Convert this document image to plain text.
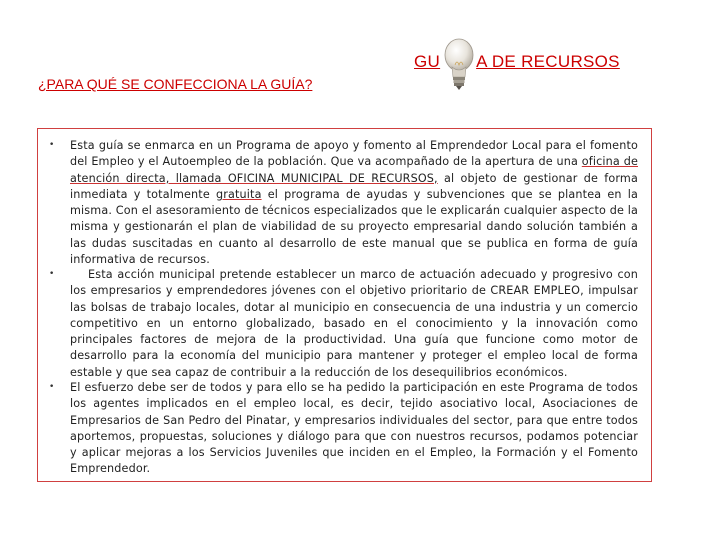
GU A DE RECURSOS
¿PARA QUÉ SE CONFECCIONA LA GUÍA?
• Esta guía se enmarca en un Programa de apoyo y fomento al Emprendedor Local para el fomento del Empleo y el Autoempleo de la población. Que va acompañado de la apertura de una oficina de atención directa, llamada OFICINA MUNICIPAL DE RECURSOS, al objeto de gestionar de forma inmediata y totalmente gratuita el programa de ayudas y subvenciones que se plantea en la misma. Con el asesoramiento de técnicos especializados que le explicarán cualquier aspecto de la misma y gestionarán el plan de viabilidad de su proyecto empresarial dando solución también a las dudas suscitadas en cuanto al desarrollo de este manual que se publica en forma de guía informativa de recursos.
•	Esta acción municipal pretende establecer un marco de actuación adecuado y progresivo con los empresarios y emprendedores jóvenes con el objetivo prioritario de CREAR EMPLEO, impulsar las bolsas de trabajo locales, dotar al municipio en consecuencia de una industria y un comercio competitivo en un entorno globalizado, basado en el conocimiento y la innovación como principales factores de mejora de la productividad. Una guía que funcione como motor de desarrollo para la economía del municipio para mantener y proteger el empleo local de forma estable y que sea capaz de contribuir a la reducción de los desequilibrios económicos.
• El esfuerzo debe ser de todos y para ello se ha pedido la participación en este Programa de todos los agentes implicados en el empleo local, es decir, tejido asociativo local, Asociaciones de Empresarios de San Pedro del Pinatar, y empresarios individuales del sector, para que entre todos aportemos, propuestas, soluciones y diálogo para que con nuestros recursos, podamos potenciar y aplicar mejoras a los Servicios Juveniles que inciden en el Empleo, la Formación y el Fomento Emprendedor.
